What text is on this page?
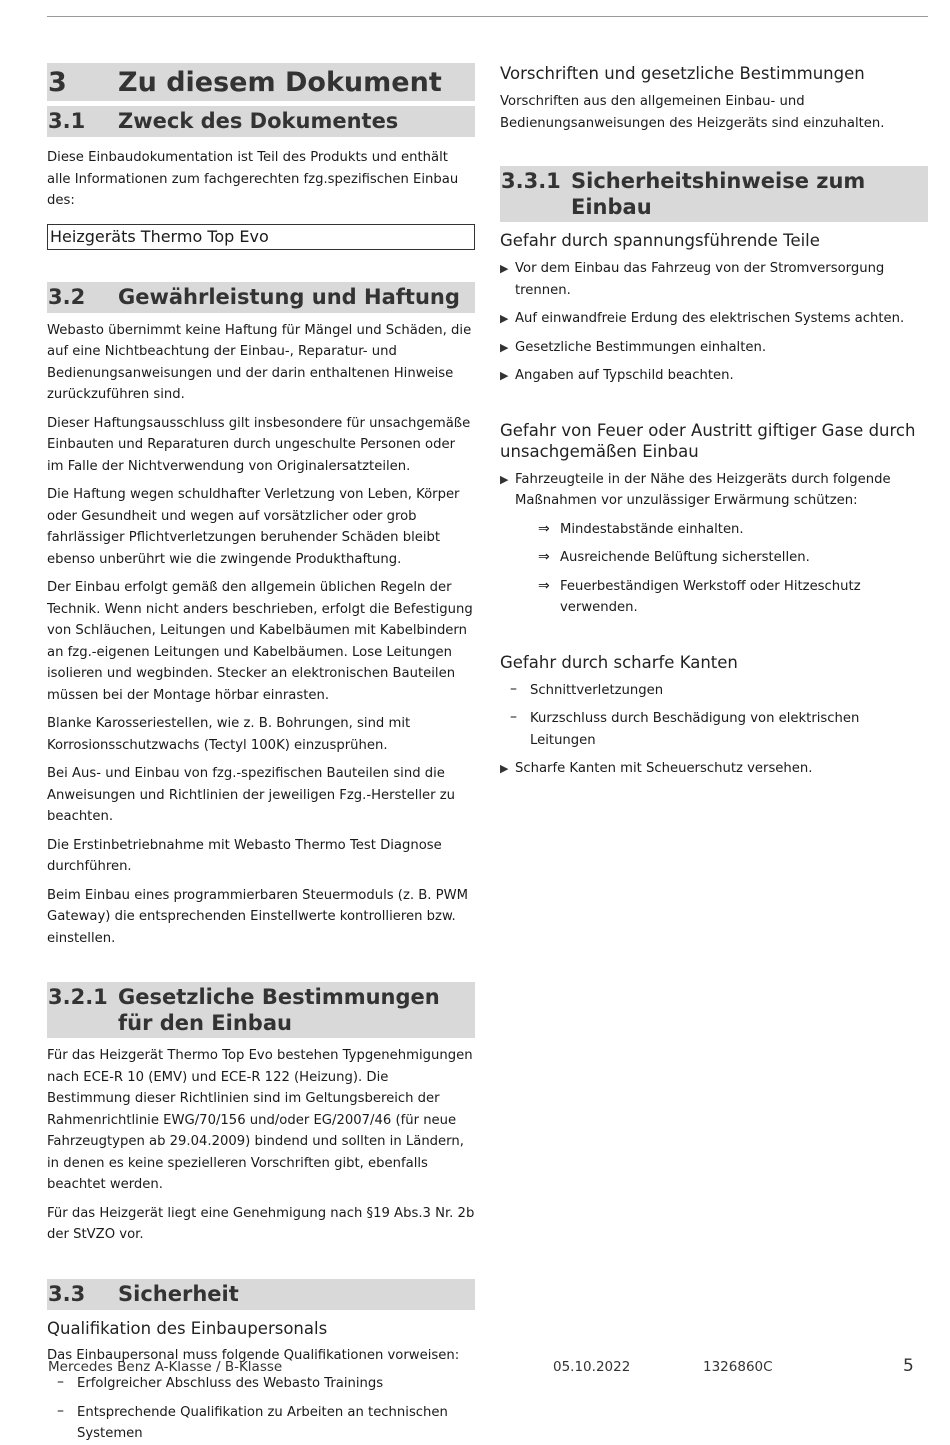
3	Zu diesem Dokument
3.1	Zweck des Dokumentes

Diese Einbaudokumentation ist Teil des Produkts und enthält alle Informationen zum fachgerechten fzg.spezifischen Einbau des:

Heizgeräts Thermo Top Evo
3.2	Gewährleistung und Haftung

Webasto übernimmt keine Haftung für Mängel und Schäden, die auf eine Nichtbeachtung der Einbau-, Reparatur- und Bedienungsanweisungen und der darin enthaltenen Hinweise zurückzuführen sind.

Dieser Haftungsausschluss gilt insbesondere für unsachgemäße Einbauten und Reparaturen durch ungeschulte Personen oder im Falle der Nichtverwendung von Originalersatzteilen.

Die Haftung wegen schuldhafter Verletzung von Leben, Körper oder Gesundheit und wegen auf vorsätzlicher oder grob fahrlässiger Pflichtverletzungen beruhender Schäden bleibt ebenso unberührt wie die zwingende Produkthaftung.

Der Einbau erfolgt gemäß den allgemein üblichen Regeln der Technik. Wenn nicht anders beschrieben, erfolgt die Befestigung von Schläuchen, Leitungen und Kabelbäumen mit Kabelbindern an fzg.-eigenen Leitungen und Kabelbäumen. Lose Leitungen isolieren und wegbinden. Stecker an elektronischen Bauteilen müssen bei der Montage hörbar einrasten.

Blanke Karosseriestellen, wie z. B. Bohrungen, sind mit Korrosionsschutzwachs (Tectyl 100K) einzusprühen.

Bei Aus- und Einbau von fzg.-spezifischen Bauteilen sind die Anweisungen und Richtlinien der jeweiligen Fzg.-Hersteller zu beachten.

Die Erstinbetriebnahme mit Webasto Thermo Test Diagnose durchführen.

Beim Einbau eines programmierbaren Steuermoduls (z. B. PWM Gateway) die entsprechenden Einstellwerte kontrollieren bzw. einstellen.

3.2.1 Gesetzliche Bestimmungen für den Einbau

Für das Heizgerät Thermo Top Evo bestehen Typgenehmigungen nach ECE-R 10 (EMV) und ECE-R 122 (Heizung). Die Bestimmung dieser Richtlinien sind im Geltungsbereich der Rahmenrichtlinie EWG/70/156 und/oder EG/2007/46 (für neue Fahrzeugtypen ab 29.04.2009) bindend und sollten in Ländern, in denen es keine spezielleren Vorschriften gibt, ebenfalls beachtet werden.

Für das Heizgerät liegt eine Genehmigung nach §19 Abs.3 Nr. 2b der StVZO vor.

3.3	Sicherheit
Qualifikation des Einbaupersonals

Das Einbaupersonal muss folgende Qualifikationen vorweisen:

– Erfolgreicher Abschluss des Webasto Trainings
– Entsprechende Qualifikation zu Arbeiten an technischen Systemen
Vorschriften und gesetzliche Bestimmungen

Vorschriften aus den allgemeinen Einbau- und Bedienungsanweisungen des Heizgeräts sind einzuhalten.

3.3.1 Sicherheitshinweise zum Einbau
Gefahr durch spannungsführende Teile
▶ Vor dem Einbau das Fahrzeug von der Stromversorgung trennen.
▶ Auf einwandfreie Erdung des elektrischen Systems achten.
▶ Gesetzliche Bestimmungen einhalten.
▶ Angaben auf Typschild beachten.
Gefahr von Feuer oder Austritt giftiger Gase durch unsachgemäßen Einbau
▶ Fahrzeugteile in der Nähe des Heizgeräts durch folgende Maßnahmen vor unzulässiger Erwärmung schützen:
⇒ Mindestabstände einhalten.
⇒ Ausreichende Belüftung sicherstellen.
⇒ Feuerbeständigen Werkstoff oder Hitzeschutz verwenden.
Gefahr durch scharfe Kanten
– Schnittverletzungen
– Kurzschluss durch Beschädigung von elektrischen Leitungen
▶ Scharfe Kanten mit Scheuerschutz versehen.
Mercedes Benz A-Klasse / B-Klasse	05.10.2022	1326860C	5
